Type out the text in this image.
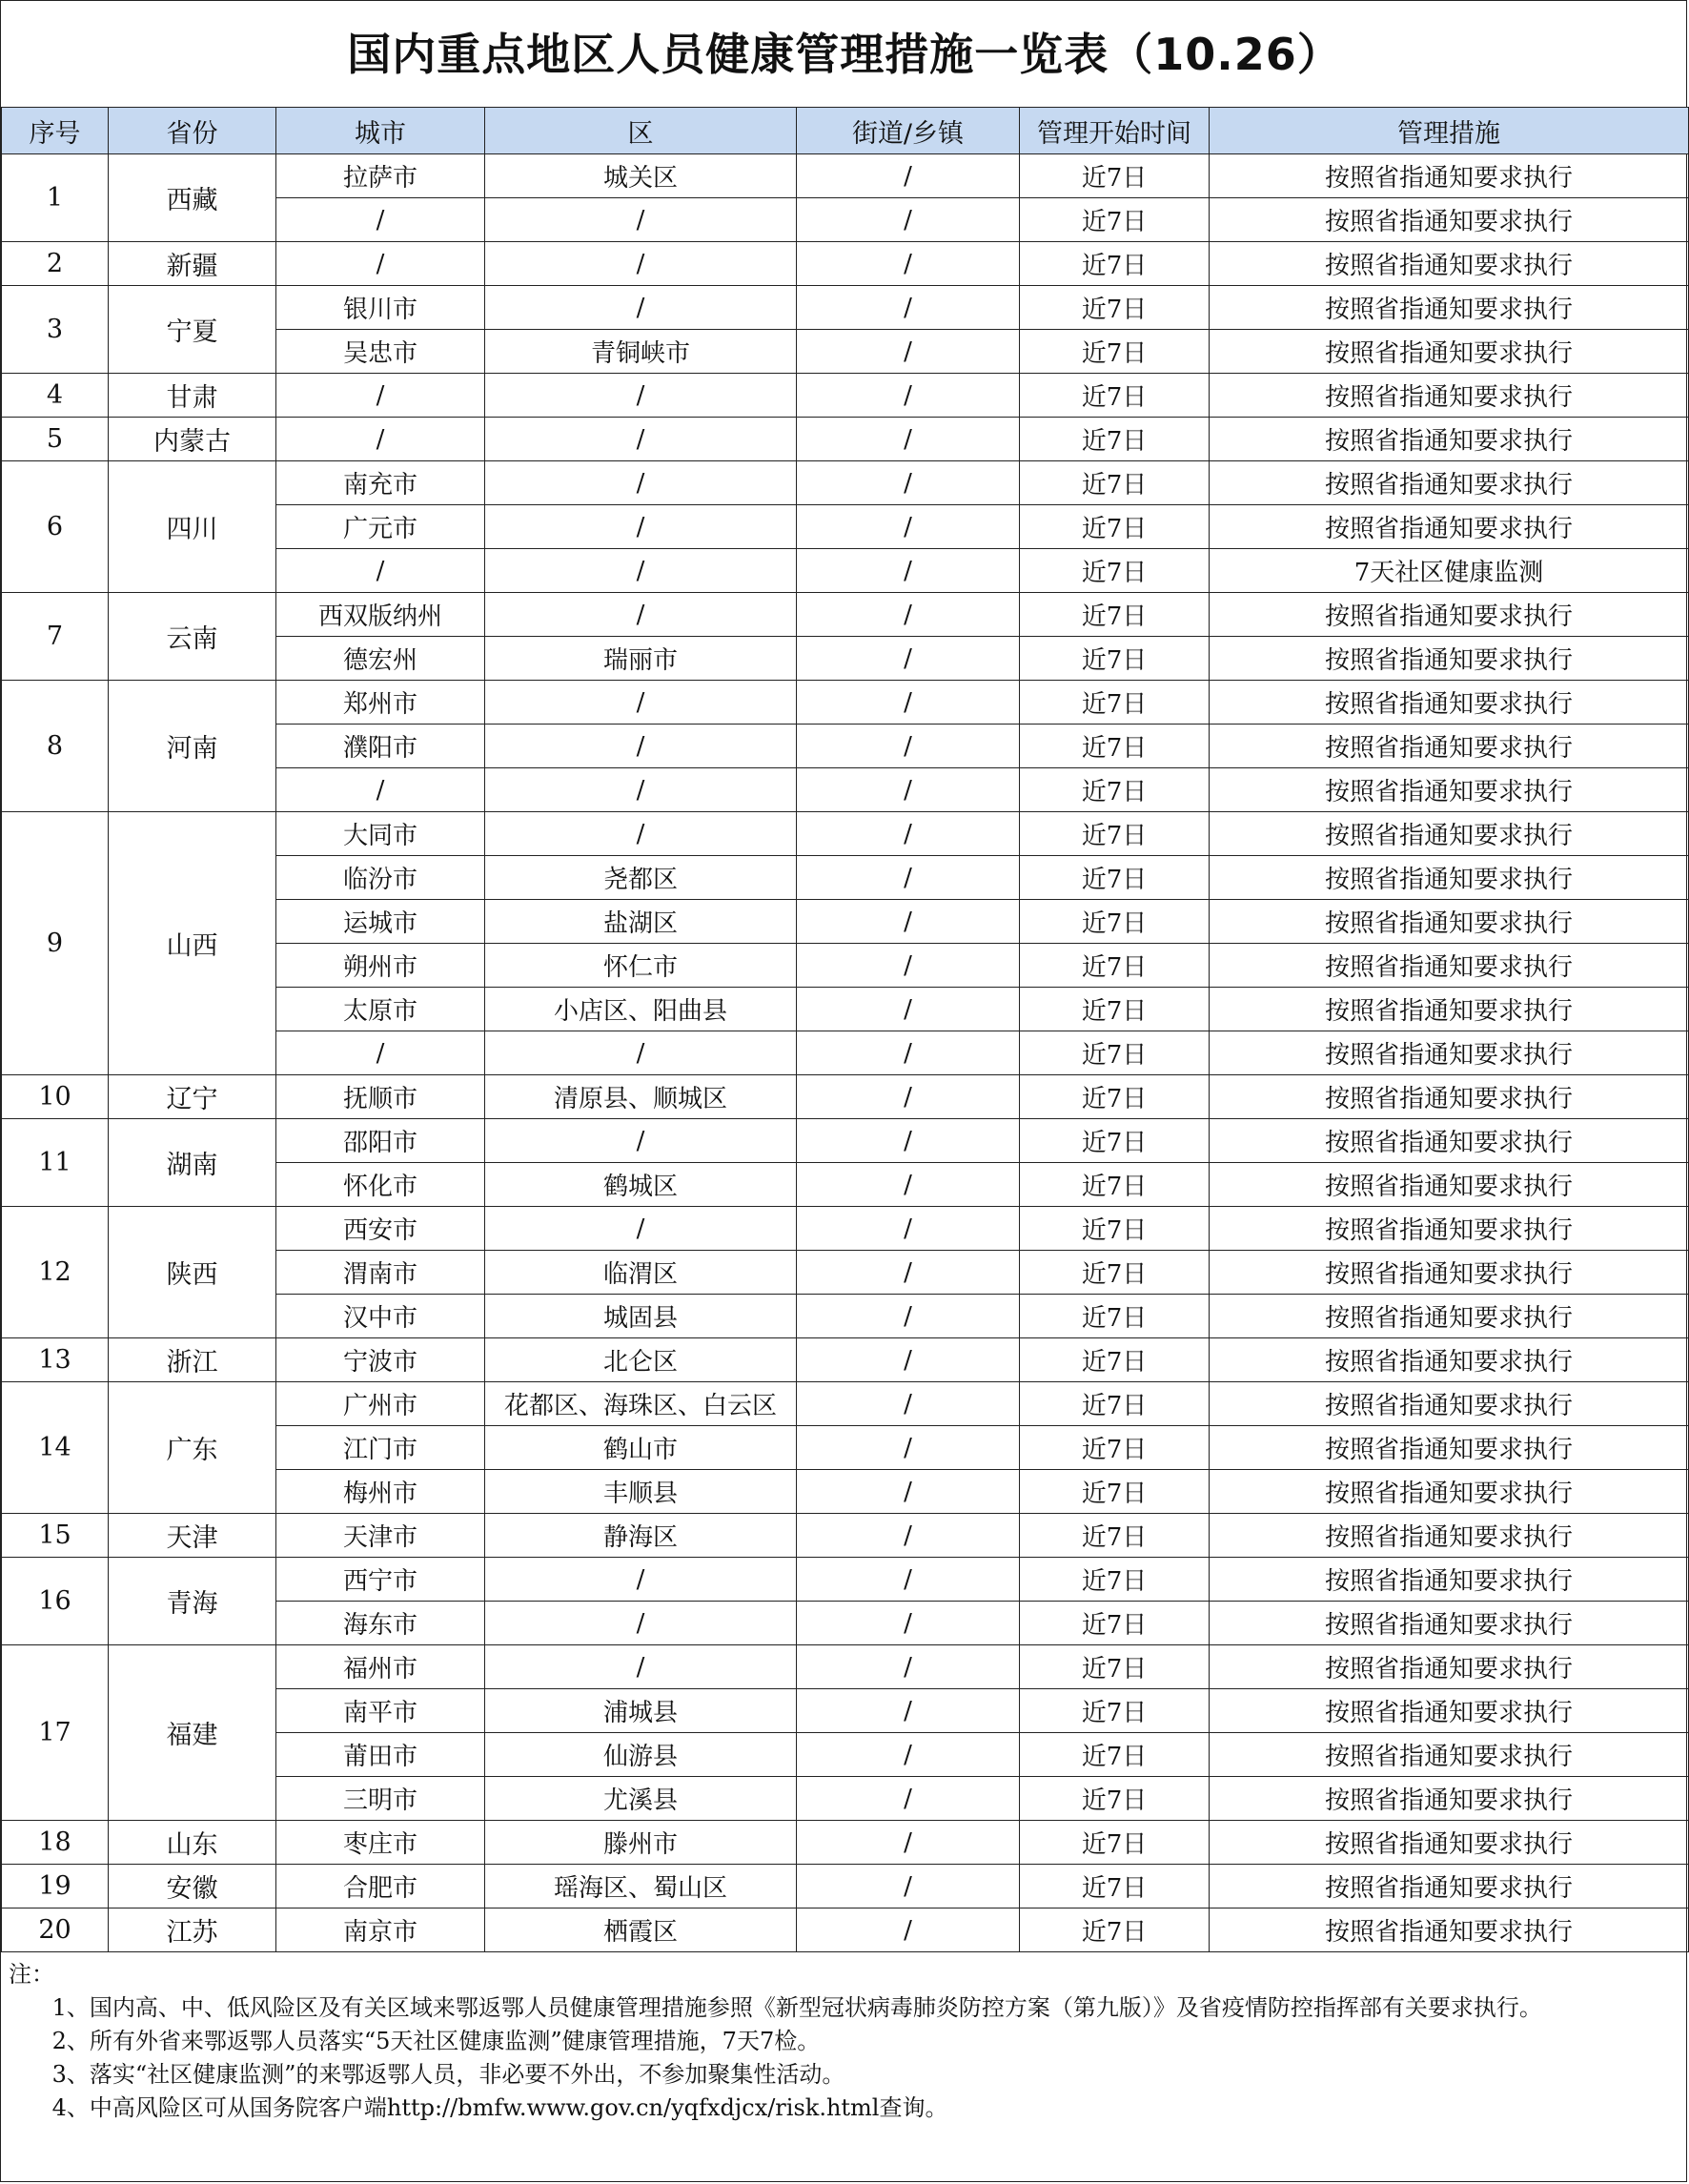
国内重点地区人员健康管理措施一览表（10.26）
序号	省份	城市	区	街道/乡镇	管理开始时间	管理措施
1	西藏	拉萨市	城关区	/	近7日	按照省指通知要求执行
		/	/	/	近7日	按照省指通知要求执行
2	新疆	/	/	/	近7日	按照省指通知要求执行
3	宁夏	银川市	/	/	近7日	按照省指通知要求执行
		吴忠市	青铜峡市	/	近7日	按照省指通知要求执行
4	甘肃	/	/	/	近7日	按照省指通知要求执行
5	内蒙古	/	/	/	近7日	按照省指通知要求执行
6	四川	南充市	/	/	近7日	按照省指通知要求执行
		广元市	/	/	近7日	按照省指通知要求执行
		/	/	/	近7日	7天社区健康监测
7	云南	西双版纳州	/	/	近7日	按照省指通知要求执行
		德宏州	瑞丽市	/	近7日	按照省指通知要求执行
8	河南	郑州市	/	/	近7日	按照省指通知要求执行
		濮阳市	/	/	近7日	按照省指通知要求执行
		/	/	/	近7日	按照省指通知要求执行
9	山西	大同市	/	/	近7日	按照省指通知要求执行
		临汾市	尧都区	/	近7日	按照省指通知要求执行
		运城市	盐湖区	/	近7日	按照省指通知要求执行
		朔州市	怀仁市	/	近7日	按照省指通知要求执行
		太原市	小店区、阳曲县	/	近7日	按照省指通知要求执行
		/	/	/	近7日	按照省指通知要求执行
10	辽宁	抚顺市	清原县、顺城区	/	近7日	按照省指通知要求执行
11	湖南	邵阳市	/	/	近7日	按照省指通知要求执行
		怀化市	鹤城区	/	近7日	按照省指通知要求执行
12	陕西	西安市	/	/	近7日	按照省指通知要求执行
		渭南市	临渭区	/	近7日	按照省指通知要求执行
		汉中市	城固县	/	近7日	按照省指通知要求执行
13	浙江	宁波市	北仑区	/	近7日	按照省指通知要求执行
14	广东	广州市	花都区、海珠区、白云区	/	近7日	按照省指通知要求执行
		江门市	鹤山市	/	近7日	按照省指通知要求执行
		梅州市	丰顺县	/	近7日	按照省指通知要求执行
15	天津	天津市	静海区	/	近7日	按照省指通知要求执行
16	青海	西宁市	/	/	近7日	按照省指通知要求执行
		海东市	/	/	近7日	按照省指通知要求执行
17	福建	福州市	/	/	近7日	按照省指通知要求执行
		南平市	浦城县	/	近7日	按照省指通知要求执行
		莆田市	仙游县	/	近7日	按照省指通知要求执行
		三明市	尤溪县	/	近7日	按照省指通知要求执行
18	山东	枣庄市	滕州市	/	近7日	按照省指通知要求执行
19	安徽	合肥市	瑶海区、蜀山区	/	近7日	按照省指通知要求执行
20	江苏	南京市	栖霞区	/	近7日	按照省指通知要求执行
注：
1、国内高、中、低风险区及有关区域来鄂返鄂人员健康管理措施参照《新型冠状病毒肺炎防控方案（第九版）》及省疫情防控指挥部有关要求执行。
2、所有外省来鄂返鄂人员落实“5天社区健康监测”健康管理措施，7天7检。
3、落实“社区健康监测”的来鄂返鄂人员，非必要不外出，不参加聚集性活动。
4、中高风险区可从国务院客户端http://bmfw.www.gov.cn/yqfxdjcx/risk.html查询。
